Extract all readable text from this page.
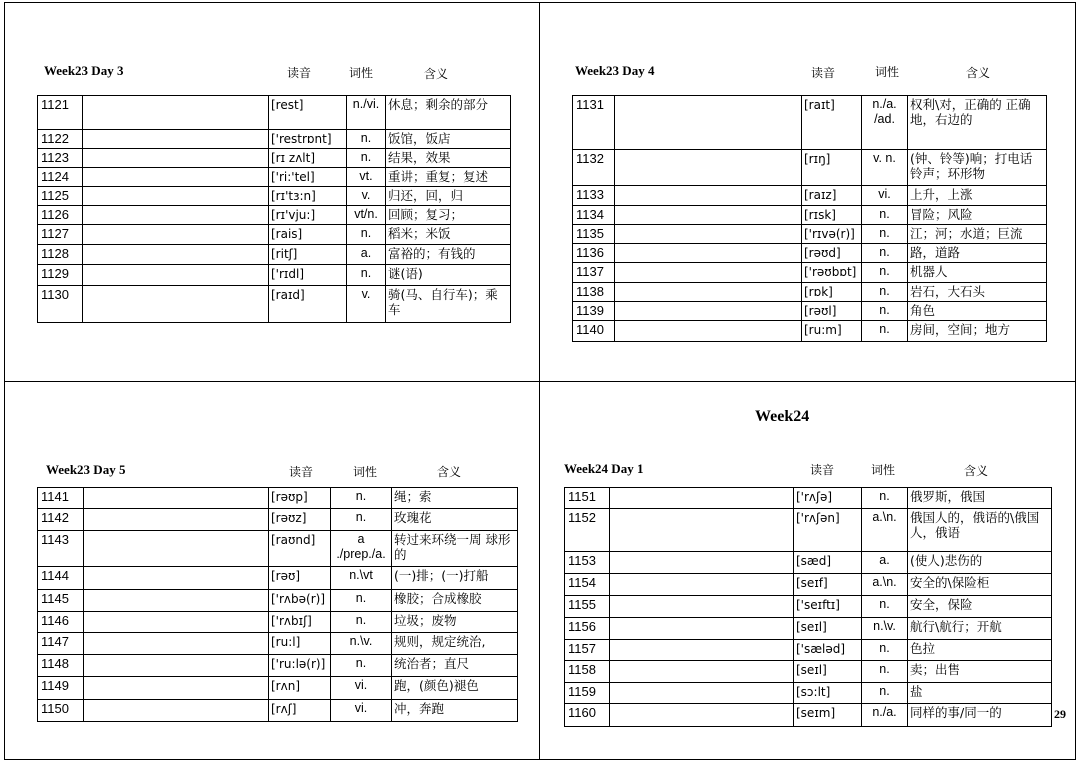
Week23 Day 3	读音	词性	含义
1121		[rest]	n./vi.	休息；剩余的部分
1122		['restrɒnt]	n.	饭馆，饭店
1123		[rɪ zʌlt]	n.	结果，效果
1124		['ri:'tel]	vt.	重讲；重复；复述
1125		[rɪ'tɜ:n]	v.	归还，回，归
1126		[rɪ'vju:]	vt/n.	回顾；复习；
1127		[rais]	n.	稻米；米饭
1128		[ritʃ]	a.	富裕的；有钱的
1129		['rɪdl]	n.	谜(语)
1130		[raɪd]	v.	骑(马、自行车)；乘 车
Week23 Day 4	读音	词性	含义
1131		[raɪt]	n./a. /ad.	权利\对，正确的 正确地，右边的
1132		[rɪŋ]	v. n.	(钟、铃等)响；打电话 铃声；环形物
1133		[raɪz]	vi.	上升，上涨
1134		[rɪsk]	n.	冒险；风险
1135		['rɪvə(r)]	n.	江；河；水道；巨流
1136		[rəʊd]	n.	路，道路
1137		['rəʊbɒt]	n.	机器人
1138		[rɒk]	n.	岩石，大石头
1139		[rəʊl]	n.	角色
1140		[ru:m]	n.	房间，空间；地方
Week23 Day 5	读音	词性	含义
1141		[rəʊp]	n.	绳；索
1142		[rəʊz]	n.	玫瑰花
1143		[raʊnd]	a ./prep./a.	转过来环绕一周 球形的
1144		[rəʊ]	n.\vt	(一)排；(一)打船
1145		['rʌbə(r)]	n.	橡胶；合成橡胶
1146		['rʌbɪʃ]	n.	垃圾；废物
1147		[ru:l]	n.\v.	规则，规定统治,
1148		['ru:lə(r)]	n.	统治者；直尺
1149		[rʌn]	vi.	跑，(颜色)褪色
1150		[rʌʃ]	vi.	冲，奔跑
Week24
Week24 Day 1	读音	词性	含义
1151		['rʌʃə]	n.	俄罗斯，俄国
1152		['rʌʃən]	a.\n.	俄国人的，俄语的\俄国人，俄语
1153		[sæd]	a.	(使人)悲伤的
1154		[seɪf]	a.\n.	安全的\保险柜
1155		['seɪftɪ]	n.	安全，保险
1156		[seɪl]	n.\v.	航行\航行；开航
1157		['sæləd]	n.	色拉
1158		[seɪl]	n.	卖；出售
1159		[sɔ:lt]	n.	盐
1160		[seɪm]	n./a.	同样的事/同一的	29
